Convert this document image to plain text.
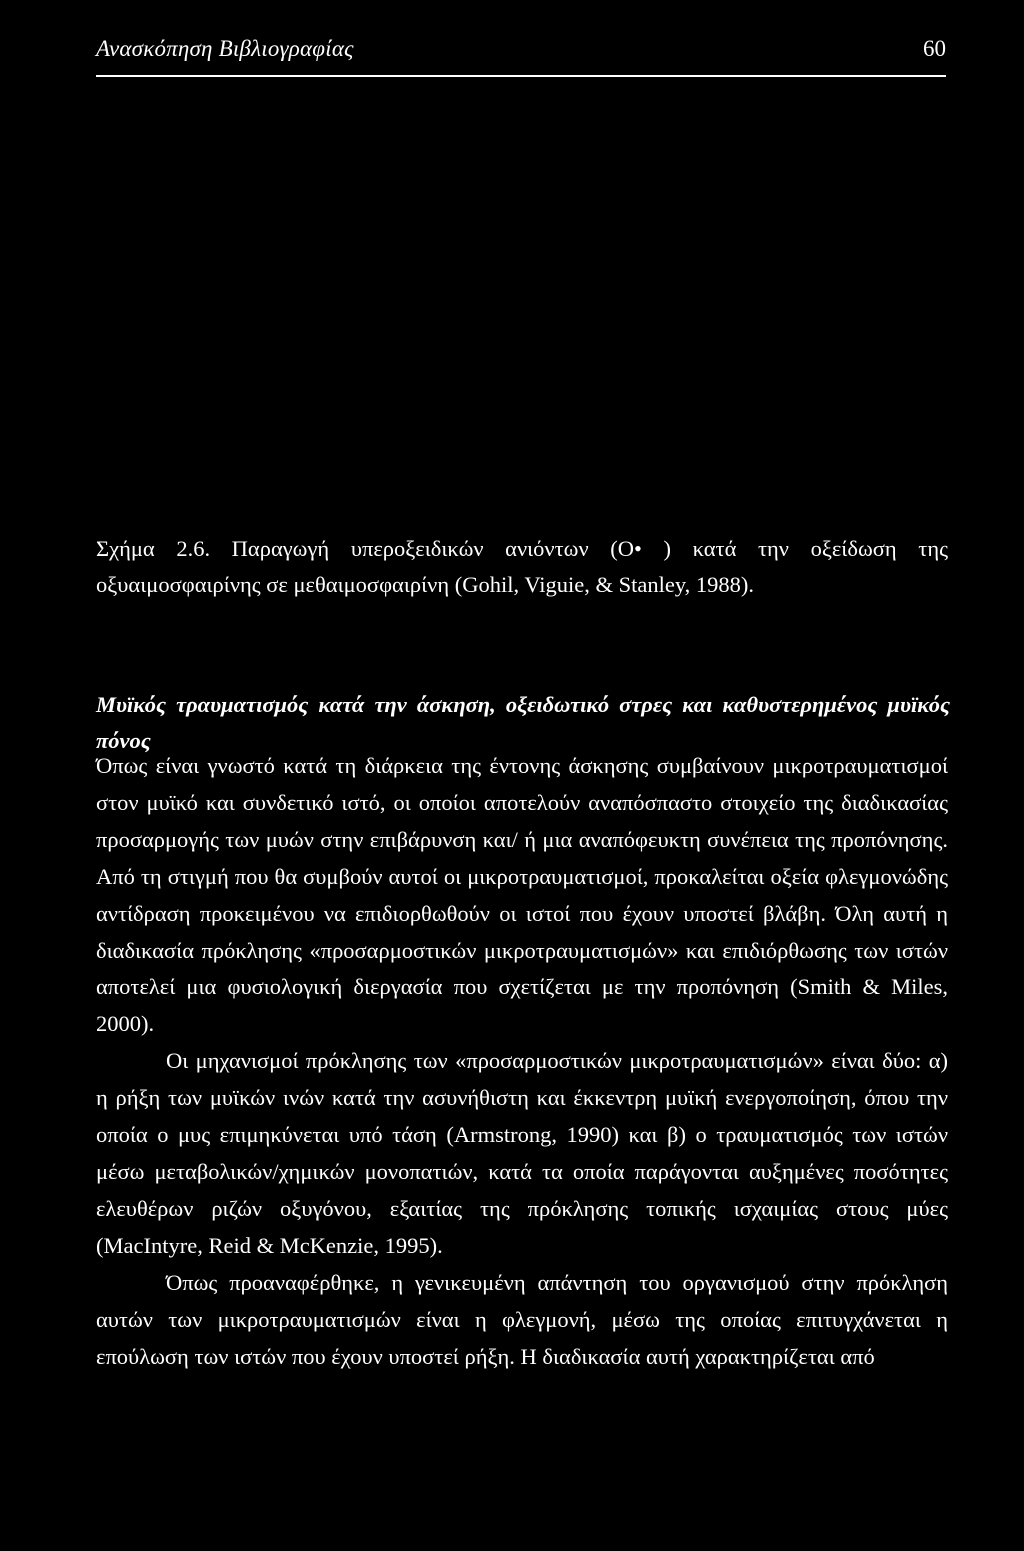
Ανασκόπηση Βιβλιογραφίας	60
Σχήμα 2.6. Παραγωγή υπεροξειδικών ανιόντων (O• ) κατά την οξείδωση της οξυαιμοσφαιρίνης σε μεθαιμοσφαιρίνη (Gohil, Viguie, & Stanley, 1988).
Μυϊκός τραυματισμός κατά την άσκηση, οξειδωτικό στρες και καθυστερημένος μυϊκός πόνος

Όπως είναι γνωστό κατά τη διάρκεια της έντονης άσκησης συμβαίνουν μικροτραυματισμοί στον μυϊκό και συνδετικό ιστό, οι οποίοι αποτελούν αναπόσπαστο στοιχείο της διαδικασίας προσαρμογής των μυών στην επιβάρυνση και/ ή μια αναπόφευκτη συνέπεια της προπόνησης. Από τη στιγμή που θα συμβούν αυτοί οι μικροτραυματισμοί, προκαλείται οξεία φλεγμονώδης αντίδραση προκειμένου να επιδιορθωθούν οι ιστοί που έχουν υποστεί βλάβη. Όλη αυτή η διαδικασία πρόκλησης «προσαρμοστικών μικροτραυματισμών» και επιδιόρθωσης των ιστών αποτελεί μια φυσιολογική διεργασία που σχετίζεται με την προπόνηση (Smith & Miles, 2000).

Οι μηχανισμοί πρόκλησης των «προσαρμοστικών μικροτραυματισμών» είναι δύο: α) η ρήξη των μυϊκών ινών κατά την ασυνήθιστη και έκκεντρη μυϊκή ενεργοποίηση, όπου την οποία ο μυς επιμηκύνεται υπό τάση (Armstrong, 1990) και β) ο τραυματισμός των ιστών μέσω μεταβολικών/χημικών μονοπατιών, κατά τα οποία παράγονται αυξημένες ποσότητες ελευθέρων ριζών οξυγόνου, εξαιτίας της πρόκλησης τοπικής ισχαιμίας στους μύες (MacIntyre, Reid & McKenzie, 1995).

Όπως προαναφέρθηκε, η γενικευμένη απάντηση του οργανισμού στην πρόκληση αυτών των μικροτραυματισμών είναι η φλεγμονή, μέσω της οποίας επιτυγχάνεται η επούλωση των ιστών που έχουν υποστεί ρήξη. Η διαδικασία αυτή χαρακτηρίζεται από
